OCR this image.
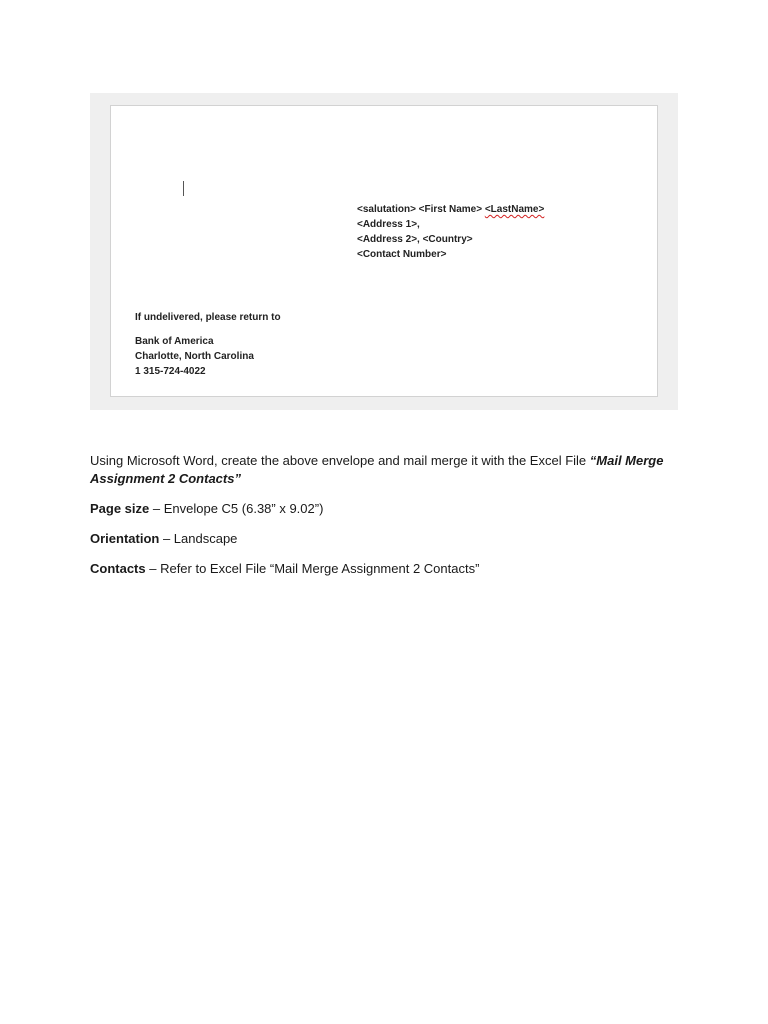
<salutation> <First Name> <LastName>
<Address 1>,
<Address 2>, <Country>
<Contact Number>
If undelivered, please return to
Bank of America
Charlotte, North Carolina
1 315-724-4022

Using Microsoft Word, create the above envelope and mail merge it with the Excel File “Mail Merge Assignment 2 Contacts”

Page size – Envelope C5 (6.38” x 9.02”)

Orientation – Landscape

Contacts – Refer to Excel File “Mail Merge Assignment 2 Contacts”
